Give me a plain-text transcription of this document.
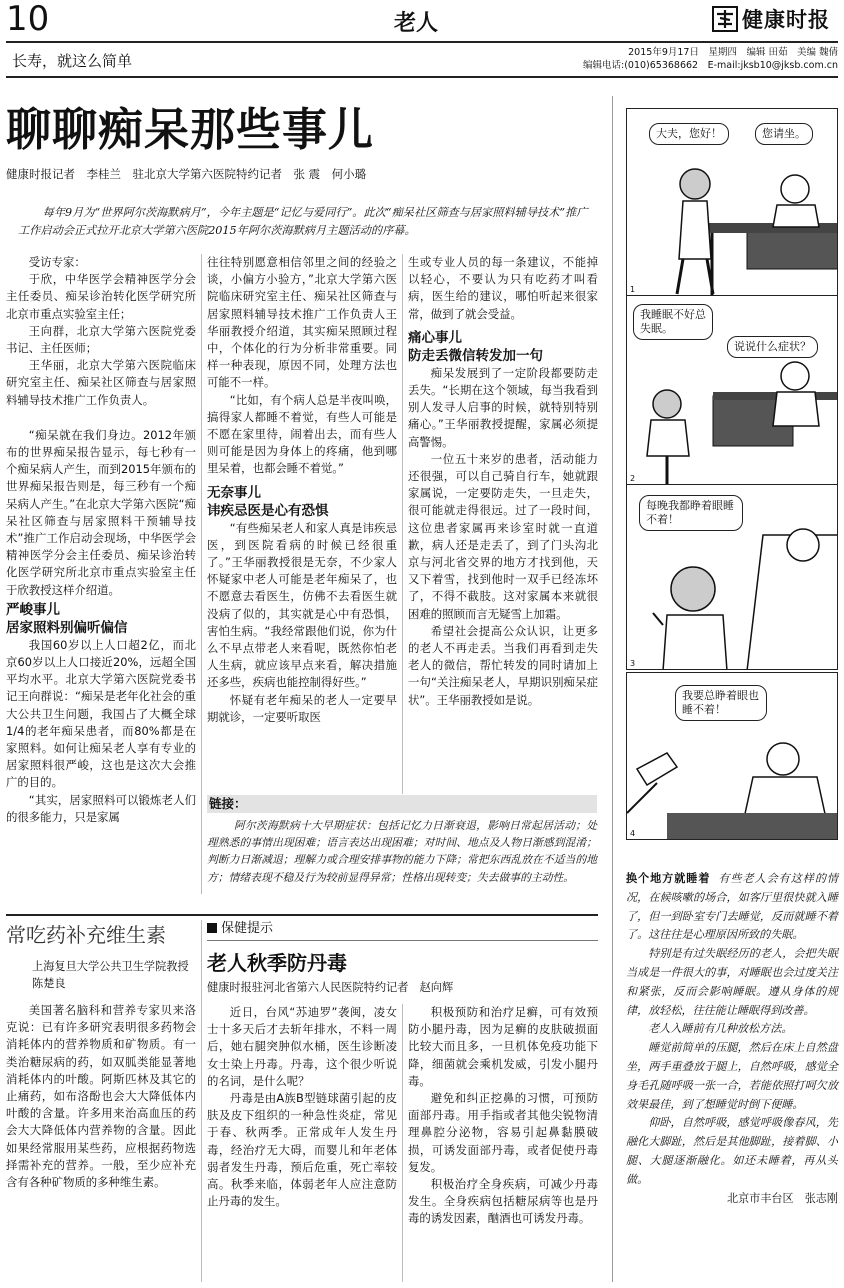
10	老人	健康时报
长寿，就这么简单	2015年9月17日　星期四　编辑 田茹　美编 魏倩
编辑电话:(010)65368662　E-mail:jksb10@jksb.com.cn
聊聊痴呆那些事儿
健康时报记者　李桂兰　驻北京大学第六医院特约记者　张 震　何小璐
每年9月为“世界阿尔茨海默病月”，今年主题是“记忆与爱同行”。此次“痴呆社区筛查与居家照料辅导技术”推广工作启动会正式拉开北京大学第六医院2015年阿尔茨海默病月主题活动的序幕。

受访专家：

于欣，中华医学会精神医学分会主任委员、痴呆诊治转化医学研究所北京市重点实验室主任；

王向群，北京大学第六医院党委书记、主任医师；

王华丽，北京大学第六医院临床研究室主任、痴呆社区筛查与居家照料辅导技术推广工作负责人。

“痴呆就在我们身边。2012年颁布的世界痴呆报告显示，每七秒有一个痴呆病人产生，而到2015年颁布的世界痴呆报告则是，每三秒有一个痴呆病人产生。”在北京大学第六医院“痴呆社区筛查与居家照料干预辅导技术”推广工作启动会现场，中华医学会精神医学分会主任委员、痴呆诊治转化医学研究所北京市重点实验室主任于欣教授这样介绍道。

严峻事儿
居家照料别偏听偏信

我国60岁以上人口超2亿，而北京60岁以上人口接近20%，远超全国平均水平。北京大学第六医院党委书记王向群说：“痴呆是老年化社会的重大公共卫生问题，我国占了大概全球1/4的老年痴呆患者，而80%都是在家照料。如何让痴呆老人享有专业的居家照料很严峻，这也是这次大会推广的目的。

“其实，居家照料可以锻炼老人们的很多能力，只是家属

往往特别愿意相信邻里之间的经验之谈，小偏方小验方，”北京大学第六医院临床研究室主任、痴呆社区筛查与居家照料辅导技术推广工作负责人王华丽教授介绍道，其实痴呆照顾过程中，个体化的行为分析非常重要。同样一种表现，原因不同，处理方法也可能不一样。

“比如，有个病人总是半夜叫唤，搞得家人都睡不着觉，有些人可能是不愿在家里待，闹着出去，而有些人则可能是因为身体上的疼痛，他到哪里呆着，也都会睡不着觉。”

无奈事儿
讳疾忌医是心有恐惧

“有些痴呆老人和家人真是讳疾忌医，到医院看病的时候已经很重了。”王华丽教授很是无奈，不少家人怀疑家中老人可能是老年痴呆了，也不愿意去看医生，仿佛不去看医生就没病了似的，其实就是心中有恐惧，害怕生病。“我经常跟他们说，你为什么不早点带老人来看呢，既然你怕老人生病，就应该早点来看，解决措施还多些，疾病也能控制得好些。”

怀疑有老年痴呆的老人一定要早期就诊，一定要听取医

生或专业人员的每一条建议，不能掉以轻心，不要认为只有吃药才叫看病，医生给的建议，哪怕听起来很家常，做到了就会受益。

痛心事儿
防走丢微信转发加一句

痴呆发展到了一定阶段都要防走丢失。“长期在这个领域，每当我看到别人发寻人启事的时候，就特别特别痛心。”王华丽教授提醒，家属必须提高警惕。

一位五十来岁的患者，活动能力还很强，可以自己骑自行车，她就跟家属说，一定要防走失，一旦走失，很可能就走得很远。过了一段时间，这位患者家属再来诊室时就一直道歉，病人还是走丢了，到了门头沟北京与河北省交界的地方才找到他，天又下着雪，找到他时一双手已经冻坏了，不得不截肢。这对家属本来就很困难的照顾而言无疑雪上加霜。

希望社会提高公众认识，让更多的老人不再走丢。当我们再看到走失老人的微信，帮忙转发的同时请加上一句“关注痴呆老人，早期识别痴呆症状”。王华丽教授如是说。

链接：
阿尔茨海默病十大早期症状：包括记忆力日渐衰退，影响日常起居活动；处理熟悉的事情出现困难；语言表达出现困难；对时间、地点及人物日渐感到混淆；判断力日渐减退；理解力或合理安排事物的能力下降；常把东西乱放在不适当的地方；情绪表现不稳及行为较前显得异常；性格出现转变；失去做事的主动性。
大夫，您好！	您请坐。
1
我睡眠不好总失眠。
说说什么症状？
2
每晚我都睁着眼睡不着！
3
我要总睁着眼也睡不着！
4

换个地方就睡着 有些老人会有这样的情况，在候咳嗽的场合，如客厅里很快就入睡了，但一到卧室专门去睡觉，反而就睡不着了。这往往是心理原因所致的失眠。

特别是有过失眠经历的老人，会把失眠当成是一件很大的事，对睡眠也会过度关注和紧张，反而会影响睡眠。遵从身体的规律，放轻松，往往能让睡眠得到改善。

老人入睡前有几种放松方法。

睡觉前简单的压腿，然后在床上自然盘坐，两手重叠放于腿上，自然呼吸，感觉全身毛孔随呼吸一张一合，若能依照打呵欠放效果最佳，到了想睡觉时倒下便睡。

仰卧，自然呼吸，感觉呼吸像春风，先融化大脚趾，然后是其他脚趾，接着脚、小腿、大腿逐渐融化。如还未睡着，再从头做。

北京市丰台区　张志刚
常吃药补充维生素
上海复旦大学公共卫生学院教授　陈楚良

美国著名脑科和营养专家贝来洛克说：已有许多研究表明很多药物会消耗体内的营养物质和矿物质。有一类治糖尿病的药，如双胍类能显著地消耗体内的叶酸。阿斯匹林及其它的止痛药，如布洛酚也会大大降低体内叶酸的含量。许多用来治高血压的药会大大降低体内营养物的含量。因此如果经常服用某些药，应根据药物选择需补充的营养。一般，至少应补充含有各种矿物质的多种维生素。

保健提示
老人秋季防丹毒
健康时报驻河北省第六人民医院特约记者　赵向辉

近日，台风“苏迪罗”袭闽，凌女士十多天后才去斩年排水，不料一周后，她右腿突肿似水桶，医生诊断凌女士染上丹毒。丹毒，这个很少听说的名词，是什么呢？

丹毒是由A族B型链球菌引起的皮肤及皮下组织的一种急性炎症，常见于春、秋两季。正常成年人发生丹毒，经治疗无大碍，而婴儿和年老体弱者发生丹毒，预后危重，死亡率较高。秋季来临，体弱老年人应注意防止丹毒的发生。

积极预防和治疗足癣，可有效预防小腿丹毒，因为足癣的皮肤破损面比较大而且多，一旦机体免疫功能下降，细菌就会乘机发威，引发小腿丹毒。

避免和纠正挖鼻的习惯，可预防面部丹毒。用手指或者其他尖锐物清理鼻腔分泌物，容易引起鼻黏膜破损，可诱发面部丹毒，或者促使丹毒复发。

积极治疗全身疾病，可减少丹毒发生。全身疾病包括糖尿病等也是丹毒的诱发因素，酗酒也可诱发丹毒。
